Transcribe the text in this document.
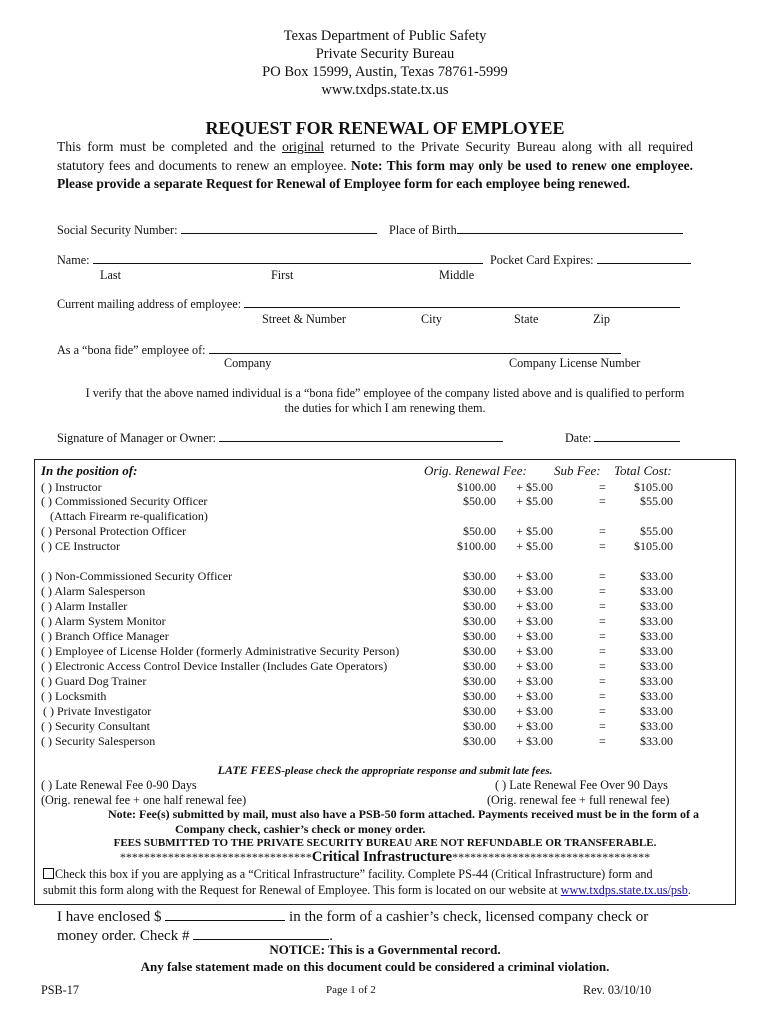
Texas Department of Public Safety
Private Security Bureau
PO Box 15999, Austin, Texas 78761-5999
www.txdps.state.tx.us
REQUEST FOR RENEWAL OF EMPLOYEE
This form must be completed and the original returned to the Private Security Bureau along with all required statutory fees and documents to renew an employee. Note: This form may only be used to renew one employee. Please provide a separate Request for Renewal of Employee form for each employee being renewed.
Social Security Number:	Place of Birth
Name:	Pocket Card Expires:
Last	First	Middle
Current mailing address of employee:
Street & Number	City	State	Zip
As a “bona fide” employee of:
Company	Company License Number
I verify that the above named individual is a “bona fide” employee of the company listed above and is qualified to perform
the duties for which I am renewing them.
Signature of Manager or Owner:	Date:
In the position of:	Orig. Renewal Fee: Sub Fee: Total Cost:
( ) Instructor	$100.00	+ $5.00	=	$105.00
( ) Commissioned Security Officer	$50.00	+ $5.00	=	$55.00
(Attach Firearm re-qualification)
( ) Personal Protection Officer	$50.00	+ $5.00	=	$55.00
( ) CE Instructor	$100.00	+ $5.00	=	$105.00
( ) Non-Commissioned Security Officer	$30.00	+ $3.00	=	$33.00
( ) Alarm Salesperson	$30.00	+ $3.00	=	$33.00
( ) Alarm Installer	$30.00	+ $3.00	=	$33.00
( ) Alarm System Monitor	$30.00	+ $3.00	=	$33.00
( ) Branch Office Manager	$30.00	+ $3.00	=	$33.00
( ) Employee of License Holder (formerly Administrative Security Person)	$30.00	+ $3.00	=	$33.00
( ) Electronic Access Control Device Installer (Includes Gate Operators)	$30.00	+ $3.00	=	$33.00
( ) Guard Dog Trainer	$30.00	+ $3.00	=	$33.00
( ) Locksmith	$30.00	+ $3.00	=	$33.00
( ) Private Investigator	$30.00	+ $3.00	=	$33.00
( ) Security Consultant	$30.00	+ $3.00	=	$33.00
( ) Security Salesperson	$30.00	+ $3.00	=	$33.00
LATE FEES-please check the appropriate response and submit late fees.
( ) Late Renewal Fee 0-90 Days
(Orig. renewal fee + one half renewal fee)
( ) Late Renewal Fee Over 90 Days
(Orig. renewal fee + full renewal fee)
Note: Fee(s) submitted by mail, must also have a PSB-50 form attached. Payments received must be in the form of a
Company check, cashier’s check or money order.
FEES SUBMITTED TO THE PRIVATE SECURITY BUREAU ARE NOT REFUNDABLE OR TRANSFERABLE.
********************************Critical Infrastructure*********************************
Check this box if you are applying as a “Critical Infrastructure” facility. Complete PS-44 (Critical Infrastructure) form and
submit this form along with the Request for Renewal of Employee. This form is located on our website at www.txdps.state.tx.us/psb.
I have enclosed $	in the form of a cashier’s check, licensed company check or
money order. Check #	.
NOTICE: This is a Governmental record.
Any false statement made on this document could be considered a criminal violation.
PSB-17	Page 1 of 2	Rev. 03/10/10
